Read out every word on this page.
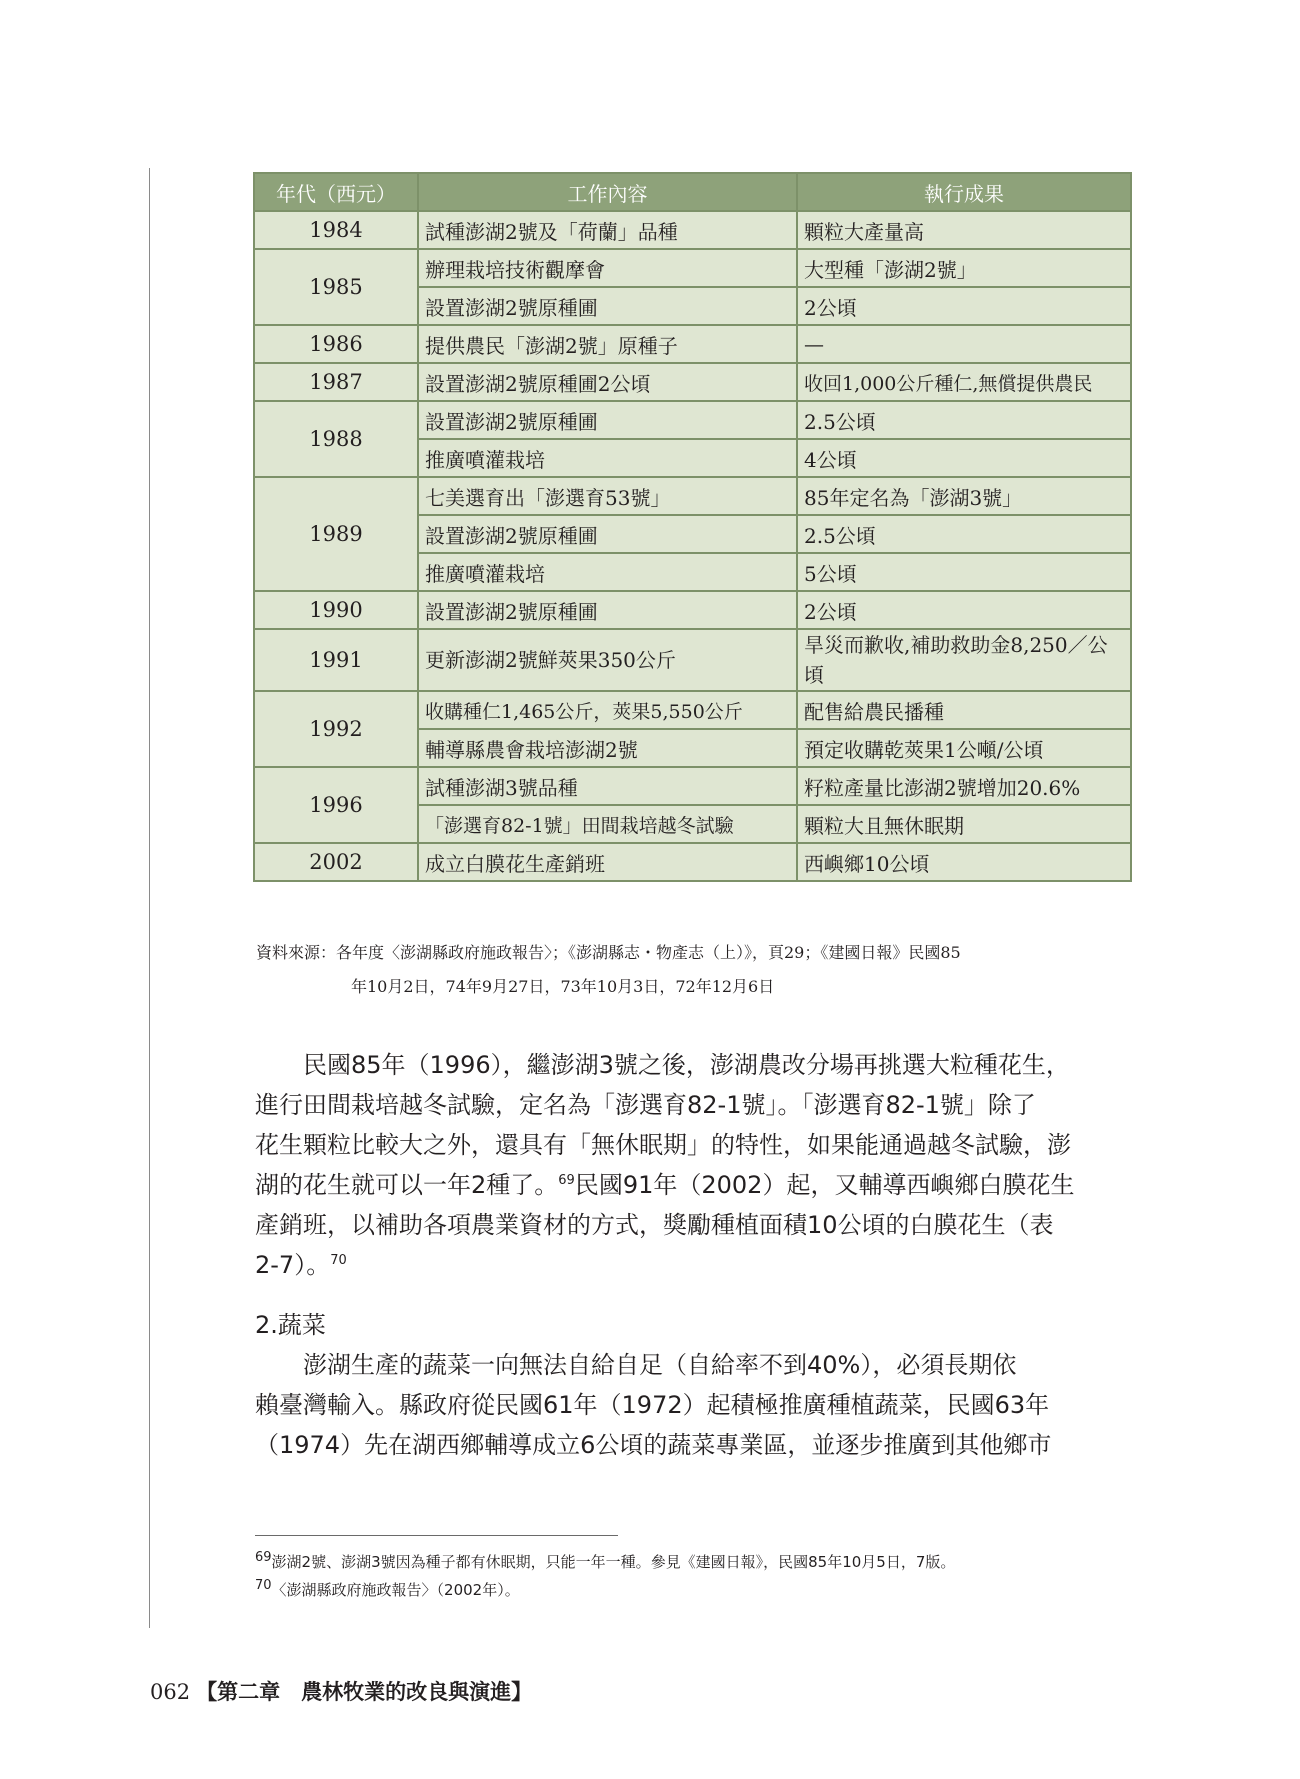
年代（西元）	工作內容	執行成果
1984	試種澎湖2號及「荷蘭」品種	顆粒大產量高
1985	辦理栽培技術觀摩會	大型種「澎湖2號」
	設置澎湖2號原種圃	2公頃
1986	提供農民「澎湖2號」原種子	—
1987	設置澎湖2號原種圃2公頃	收回1,000公斤種仁,無償提供農民
1988	設置澎湖2號原種圃	2.5公頃
	推廣噴灌栽培	4公頃
1989	七美選育出「澎選育53號」	85年定名為「澎湖3號」
	設置澎湖2號原種圃	2.5公頃
	推廣噴灌栽培	5公頃
1990	設置澎湖2號原種圃	2公頃
1991	更新澎湖2號鮮莢果350公斤	旱災而歉收,補助救助金8,250／公頃
1992	收購種仁1,465公斤，莢果5,550公斤	配售給農民播種
	輔導縣農會栽培澎湖2號	預定收購乾莢果1公噸/公頃
1996	試種澎湖3號品種	籽粒產量比澎湖2號增加20.6%
	「澎選育82-1號」田間栽培越冬試驗	顆粒大且無休眠期
2002	成立白膜花生產銷班	西嶼鄉10公頃
資料來源：各年度〈澎湖縣政府施政報告〉；《澎湖縣志・物產志（上）》，頁29；《建國日報》民國85
年10月2日，74年9月27日，73年10月3日，72年12月6日
　　民國85年（1996），繼澎湖3號之後，澎湖農改分場再挑選大粒種花生，
進行田間栽培越冬試驗，定名為「澎選育82-1號」。「澎選育82-1號」除了
花生顆粒比較大之外，還具有「無休眠期」的特性，如果能通過越冬試驗，澎
湖的花生就可以一年2種了。$^{69}$民國91年（2002）起，又輔導西嶼鄉白膜花生
產銷班，以補助各項農業資材的方式，獎勵種植面積10公頃的白膜花生（表
2-7）。$^{70}$
2.蔬菜
　　澎湖生產的蔬菜一向無法自給自足（自給率不到40%），必須長期依
賴臺灣輸入。縣政府從民國61年（1972）起積極推廣種植蔬菜，民國63年
（1974）先在湖西鄉輔導成立6公頃的蔬菜專業區，並逐步推廣到其他鄉市
69澎湖2號、澎湖3號因為種子都有休眠期，只能一年一種。參見《建國日報》，民國85年10月5日，7版。
70〈澎湖縣政府施政報告〉（2002年）。
062 【第二章　農林牧業的改良與演進】
